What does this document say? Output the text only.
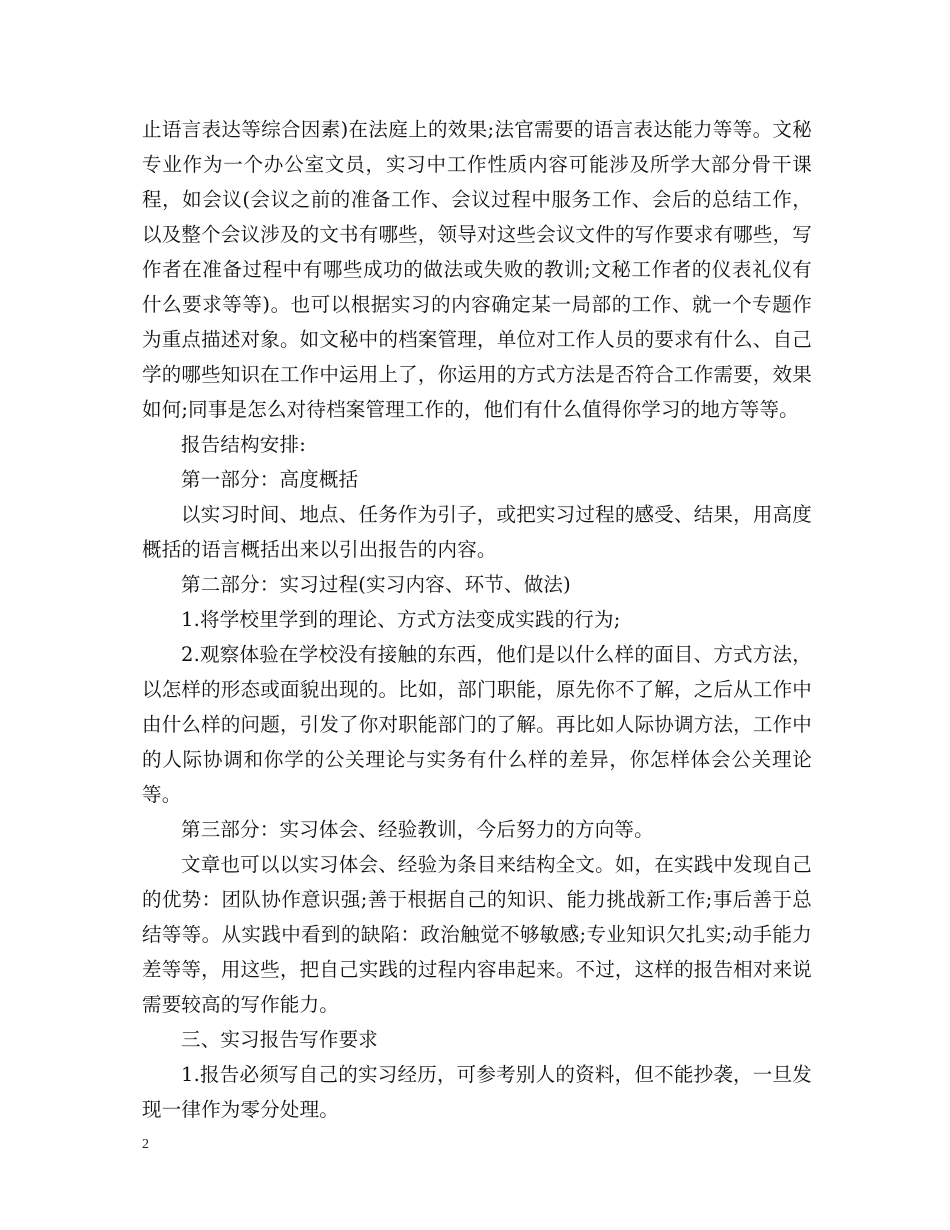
止语言表达等综合因素)在法庭上的效果;法官需要的语言表达能力等等。文秘专业作为一个办公室文员，实习中工作性质内容可能涉及所学大部分骨干课程，如会议(会议之前的准备工作、会议过程中服务工作、会后的总结工作，以及整个会议涉及的文书有哪些，领导对这些会议文件的写作要求有哪些，写作者在准备过程中有哪些成功的做法或失败的教训;文秘工作者的仪表礼仪有什么要求等等)。也可以根据实习的内容确定某一局部的工作、就一个专题作为重点描述对象。如文秘中的档案管理，单位对工作人员的要求有什么、自己学的哪些知识在工作中运用上了，你运用的方式方法是否符合工作需要，效果如何;同事是怎么对待档案管理工作的，他们有什么值得你学习的地方等等。

报告结构安排:

第一部分：高度概括

以实习时间、地点、任务作为引子，或把实习过程的感受、结果，用高度概括的语言概括出来以引出报告的内容。

第二部分：实习过程(实习内容、环节、做法)

1.将学校里学到的理论、方式方法变成实践的行为;

2.观察体验在学校没有接触的东西，他们是以什么样的面目、方式方法，以怎样的形态或面貌出现的。比如，部门职能，原先你不了解，之后从工作中由什么样的问题，引发了你对职能部门的了解。再比如人际协调方法，工作中的人际协调和你学的公关理论与实务有什么样的差异，你怎样体会公关理论等。

第三部分：实习体会、经验教训，今后努力的方向等。

文章也可以以实习体会、经验为条目来结构全文。如，在实践中发现自己的优势：团队协作意识强;善于根据自己的知识、能力挑战新工作;事后善于总结等等。从实践中看到的缺陷：政治触觉不够敏感;专业知识欠扎实;动手能力差等等，用这些，把自己实践的过程内容串起来。不过，这样的报告相对来说需要较高的写作能力。

三、实习报告写作要求

1.报告必须写自己的实习经历，可参考别人的资料，但不能抄袭，一旦发现一律作为零分处理。

2
